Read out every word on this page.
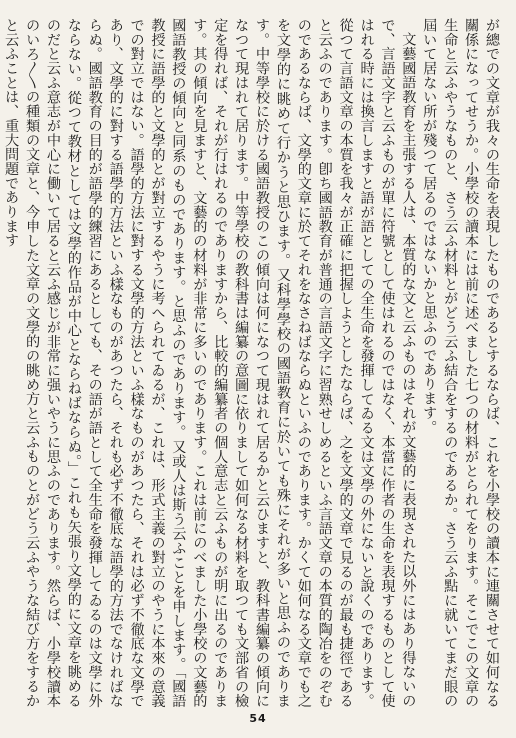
が總での文章が我々の生命を表現したものであるとするならば、これを小學校の讀本に連關させて如何なる關係になってせうか。小學校の讀本には前に述べました七つの材料がとられてをります。そこでこの文章の生命と云ふやうなものと、さう云ふ材料とがどう云ふ結合をするのであるか。さう云ふ點に就いてまだ眼の屆いて居ない所が殘つて居るのではないかと思ふのであります。

文藝國語教育を主張する人は、本質的な文と云ふものはそれが文藝的に表現された以外にはあり得ないので、言語文字と云ふものが單に符號として使はれるのではなく、本當に作者の生命を表現するものとして使はれる時には換言しますと語が語としての全生命を發揮してゐる文は文學の外にないと說くのであります。從つて言語文章の本質を我々が正確に把握しようとしたならば、之を文學的文章で見るのが最も捷徑であると云ふのであります。卽ち國語教育が普通の言語文字に習熟せしめるといふ言語文章の本質的陶冶をのぞむのであるならば、文學的文章に於てそれをなさねばならぬといふのであります。かくて如何なる文章でも之を文學的に眺めて行かうと思ひます。又科學學校の國語教育に於いても殊にそれが多いと思ふのであります。中等學校に於ける國語教授のこの傾向は何になつて現はれて居るかと云ひますと、教科書編纂の傾向になつて現はれて居ります。中等學校の教科書は編纂の意圖に依りまして如何なる材料を取つても文部省の檢定を得れば、それが行はれるのでありますから、比較的編纂者の個人意志と云ふものが明に出るのであります。其の傾向を見ますと、文藝的の材料が非常に多いのであります。これは前にのべました小學校の文藝的國語教授の傾向と同系のものであります。と思ふのであります。又或人は斯う云ふことを申します。「國語教授に語學的と文學的とが對立するやうに考へられてゐるが、これは、形式主義の對立のやうに本來の意義での對立ではない。語學的方法に對する文學的方法といふ樣なものがあつたら、それは必ず不徹底な文學であり、文學的に對する語學的方法といふ樣なものがあつたら、それも必ず不徹底な語學的方法でなければならぬ。國語教育の目的が語學的練習にあるとしても、その語が語として全生命を發揮してゐるのは文學に外ならない。從つて教材としては文學的作品が中心とならねばならぬ。」これも矢張り文學的に文章を眺めるのだと云ふ意志が中心に働いて居ると云ふ感じが非常に强いやうに思ふのであります。然らば、小學校讀本のいろ〳〵の種類の文章と、今申した文章の文學的の眺め方と云ふものとがどう云ふやうな結び方をするかと云ふことは、重大問題であります

54
